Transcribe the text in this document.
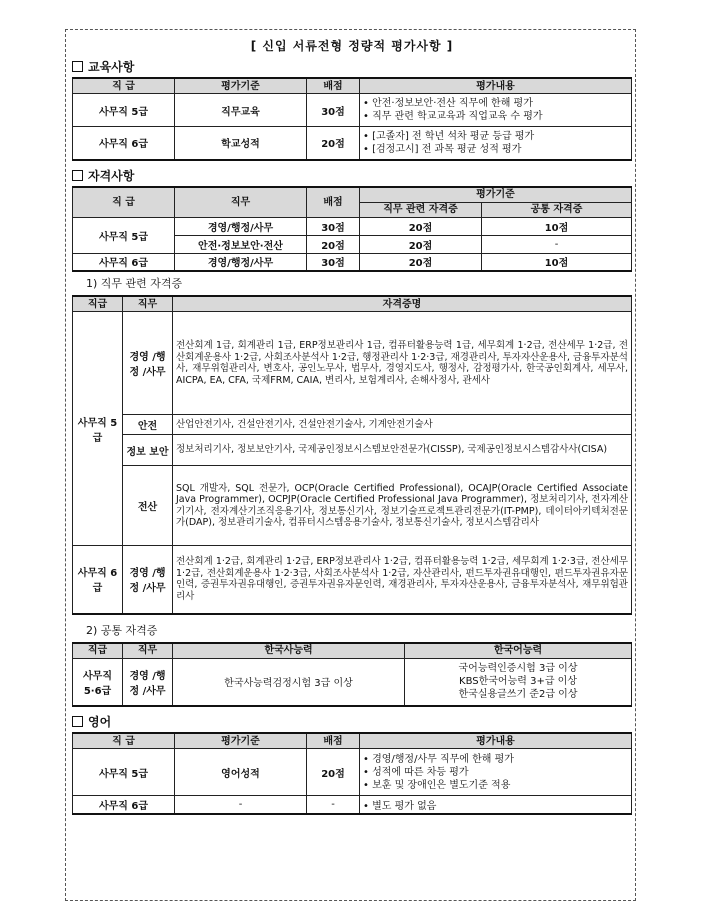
[ 신입 서류전형 정량적 평가사항 ]
교육사항
직 급	평가기준	배점	평가내용
사무직 5급	직무교육	30점	• 안전·정보보안·전산 직무에 한해 평가
• 직무 관련 학교교육과 직업교육 수 평가

사무직 6급	학교성적	20점	• [고졸자] 전 학년 석차 평균 등급 평가
• [검정고시] 전 과목 평균 성적 평가
자격사항
직 급	직무	배점	평가기준	
			직무 관련 자격증	공통 자격증
사무직 5급	경영/행정/사무	30점	20점	10점
	안전·정보보안·전산	20점	20점	-
사무직 6급	경영/행정/사무	30점	20점	10점
1) 직무 관련 자격증
직급	직무	자격증명
사무직 5급	경영 /행정 /사무	전산회계 1급, 회계관리 1급, ERP정보관리사 1급, 컴퓨터활용능력 1급, 세무회계 1·2급, 전산세무 1·2급, 전산회계운용사 1·2급, 사회조사분석사 1·2급, 행정관리사 1·2·3급, 재경관리사, 투자자산운용사, 금융투자분석사, 재무위험관리사, 변호사, 공인노무사, 법무사, 경영지도사, 행정사, 감정평가사, 한국공인회계사, 세무사, AICPA, EA, CFA, 국제FRM, CAIA, 변리사, 보험계리사, 손해사정사, 관세사
	안전	산업안전기사, 건설안전기사, 건설안전기술사, 기계안전기술사
	정보 보안	정보처리기사, 정보보안기사, 국제공인정보시스템보안전문가(CISSP), 국제공인정보시스템감사사(CISA)
	전산	SQL 개발자, SQL 전문가, OCP(Oracle Certified Professional), OCAJP(Oracle Certified Associate Java Programmer), OCPJP(Oracle Certified Professional Java Programmer), 정보처리기사, 전자계산기기사, 전자계산기조직응용기사, 정보통신기사, 정보기술프로젝트관리전문가(IT-PMP), 데이터아키텍처전문가(DAP), 정보관리기술사, 컴퓨터시스템응용기술사, 정보통신기술사, 정보시스템감리사
사무직 6급	경영 /행정 /사무	전산회계 1·2급, 회계관리 1·2급, ERP정보관리사 1·2급, 컴퓨터활용능력 1·2급, 세무회계 1·2·3급, 전산세무 1·2급, 전산회계운용사 1·2·3급, 사회조사분석사 1·2급, 자산관리사, 펀드투자권유대행인, 펀드투자권유자문인력, 증권투자권유대행인, 증권투자권유자문인력, 재경관리사, 투자자산운용사, 금융투자분석사, 재무위험관리사
2) 공통 자격증
직급	직무	한국사능력	한국어능력
사무직 5·6급	경영 /행정 /사무	한국사능력검정시험 3급 이상	국어능력인증시험 3급 이상
KBS한국어능력 3+급 이상
한국실용글쓰기 준2급 이상
영어
직 급	평가기준	배점	평가내용
사무직 5급	영어성적	20점	• 경영/행정/사무 직무에 한해 평가
• 성적에 따른 차등 평가
• 보훈 및 장애인은 별도기준 적용

사무직 6급	-	-	• 별도 평가 없음
